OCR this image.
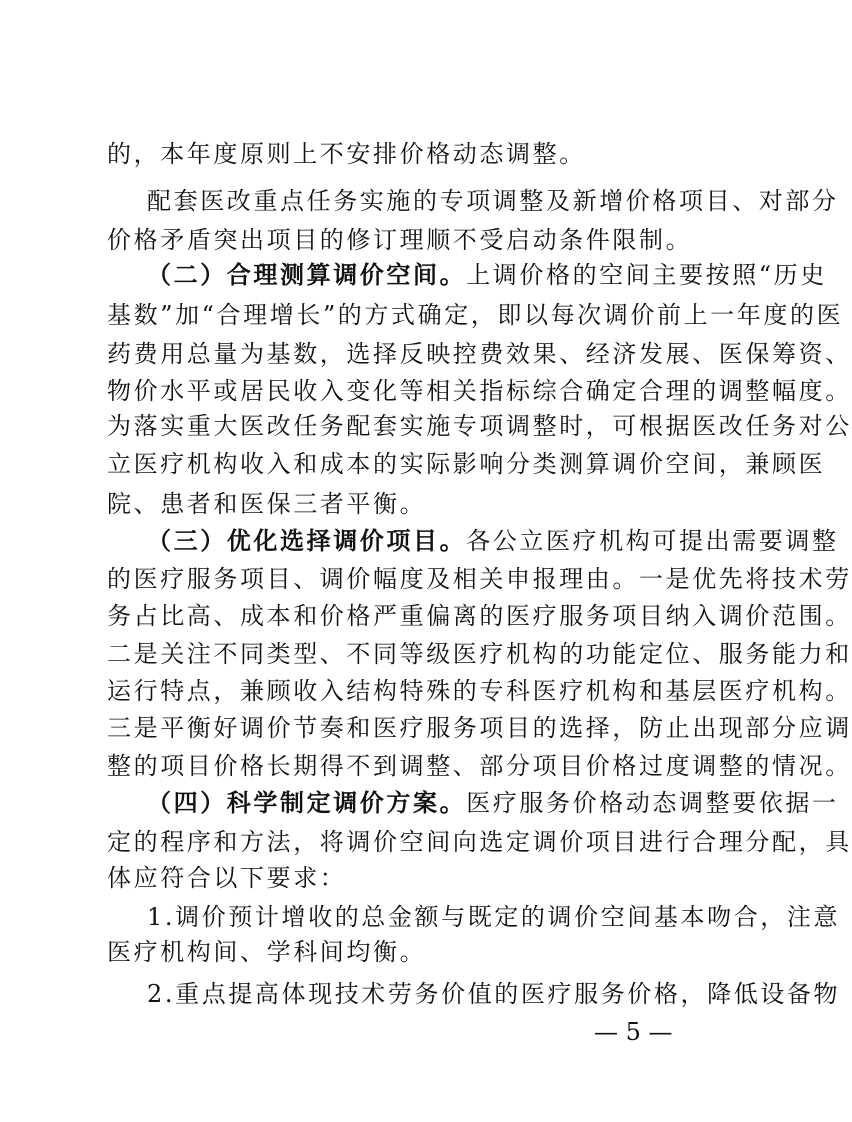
的，本年度原则上不安排价格动态调整。
配套医改重点任务实施的专项调整及新增价格项目、对部分
价格矛盾突出项目的修订理顺不受启动条件限制。
（二）合理测算调价空间。上调价格的空间主要按照“历史
基数”加“合理增长”的方式确定，即以每次调价前上一年度的医
药费用总量为基数，选择反映控费效果、经济发展、医保筹资、
物价水平或居民收入变化等相关指标综合确定合理的调整幅度。
为落实重大医改任务配套实施专项调整时，可根据医改任务对公
立医疗机构收入和成本的实际影响分类测算调价空间，兼顾医
院、患者和医保三者平衡。
（三）优化选择调价项目。各公立医疗机构可提出需要调整
的医疗服务项目、调价幅度及相关申报理由。一是优先将技术劳
务占比高、成本和价格严重偏离的医疗服务项目纳入调价范围。
二是关注不同类型、不同等级医疗机构的功能定位、服务能力和
运行特点，兼顾收入结构特殊的专科医疗机构和基层医疗机构。
三是平衡好调价节奏和医疗服务项目的选择，防止出现部分应调
整的项目价格长期得不到调整、部分项目价格过度调整的情况。
（四）科学制定调价方案。医疗服务价格动态调整要依据一
定的程序和方法，将调价空间向选定调价项目进行合理分配，具
体应符合以下要求：
1.调价预计增收的总金额与既定的调价空间基本吻合，注意
医疗机构间、学科间均衡。
2.重点提高体现技术劳务价值的医疗服务价格，降低设备物
— 5 —
